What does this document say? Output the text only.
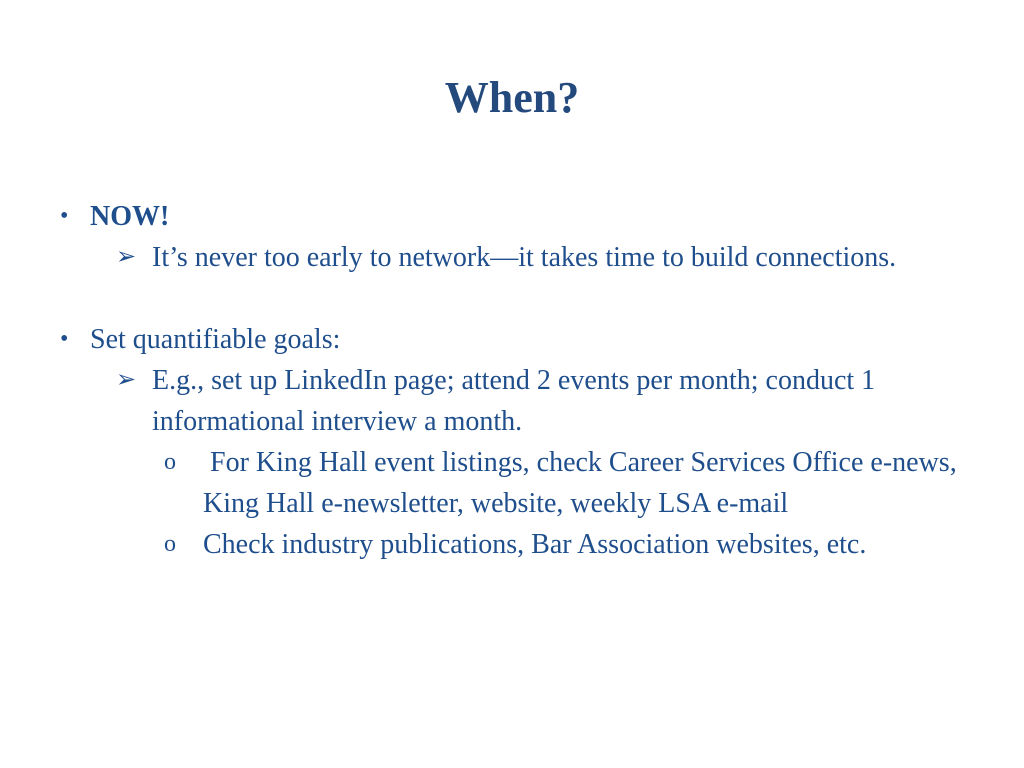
When?
• NOW!
➢ It’s never too early to network—it takes time to build connections.
• Set quantifiable goals:
➢ E.g., set up LinkedIn page; attend 2 events per month; conduct 1 informational interview a month.
o For King Hall event listings, check Career Services Office e-news, King Hall e-newsletter, website, weekly LSA e-mail
o Check industry publications, Bar Association websites, etc.
